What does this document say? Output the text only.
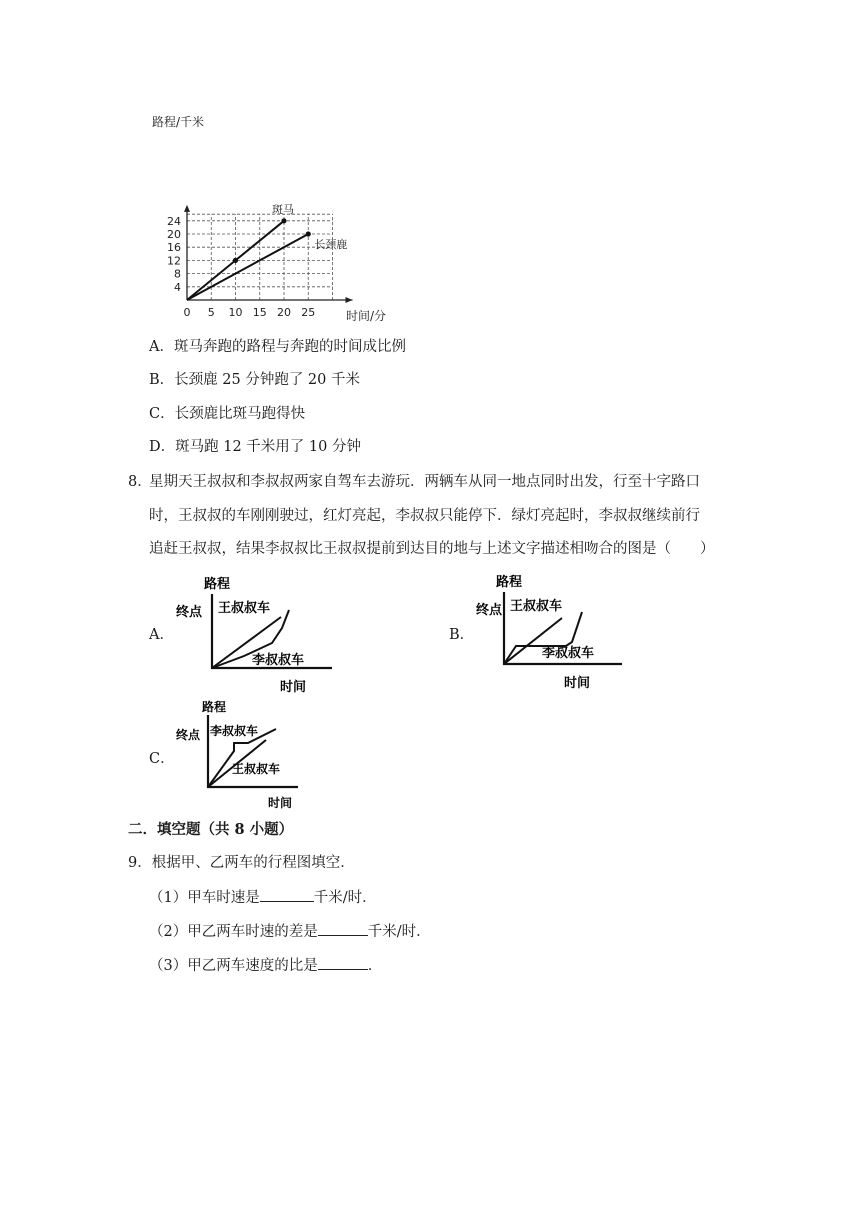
0 5 10 15 20 25
4
8
12
16
20
24
斑马
长颈鹿
路程/千米
时间/分
A．斑马奔跑的路程与奔跑的时间成比例
B．长颈鹿 25 分钟跑了 20 千米
C．长颈鹿比斑马跑得快
D．斑马跑 12 千米用了 10 分钟
8．
星期天王叔叔和李叔叔两家自驾车去游玩．两辆车从同一地点同时出发，行至十字路口
时，王叔叔的车刚刚驶过，红灯亮起，李叔叔只能停下．绿灯亮起时，李叔叔继续前行
追赶王叔叔，结果李叔叔比王叔叔提前到达目的地与上述文字描述相吻合的图是（　　）
A．
路程
终点 王叔叔车
李叔叔车
时间
B．
路程
终点 王叔叔车
李叔叔车
时间
C．
路程
终点 李叔叔车
王叔叔车
时间
二．填空题（共 8 小题）
9．根据甲、乙两车的行程图填空．
（1）甲车时速是	千米/时．
（2）甲乙两车时速的差是	千米/时．
（3）甲乙两车速度的比是	．
